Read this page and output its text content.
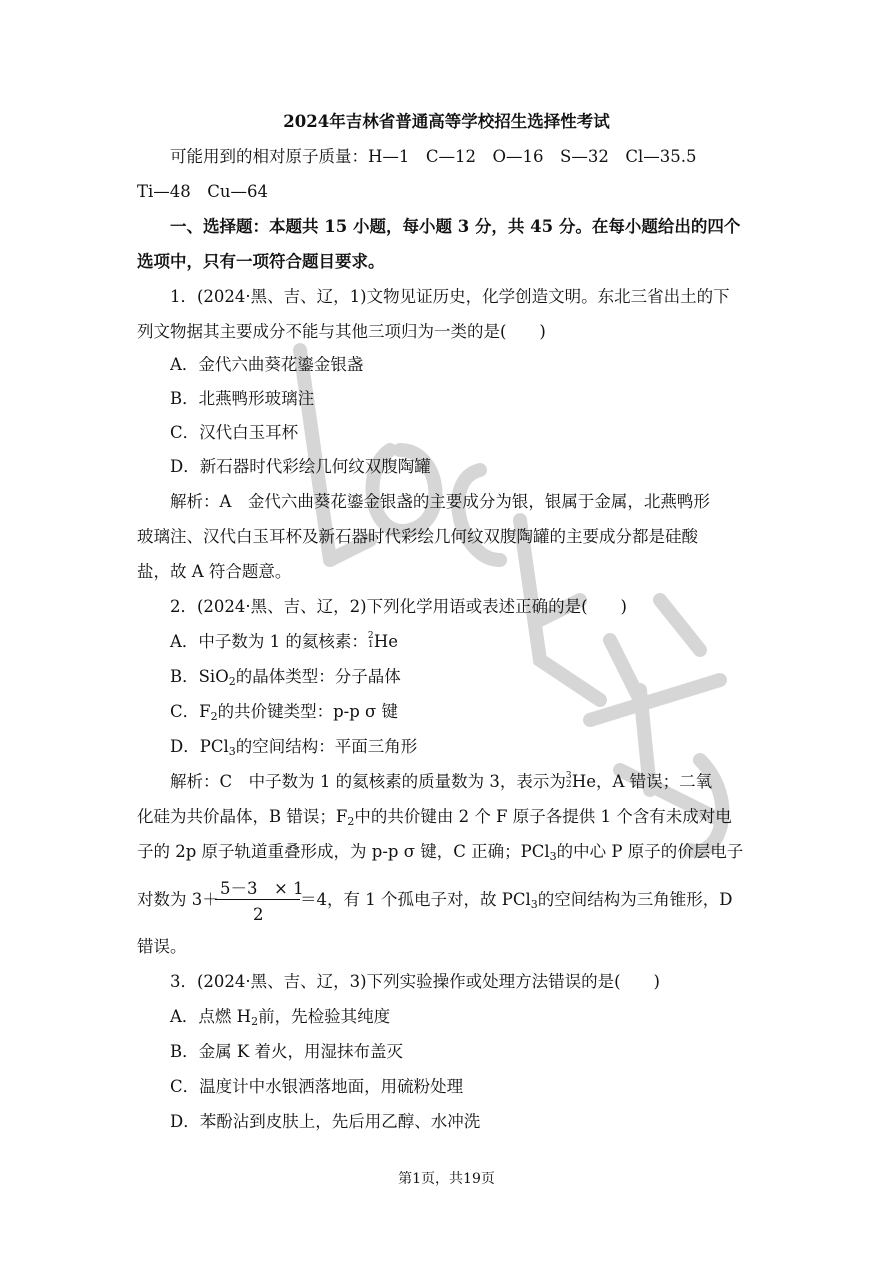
2024年吉林省普通高等学校招生选择性考试
可能用到的相对原子质量：H—1　C—12　O—16　S—32　Cl—35.5
Ti—48　Cu—64
一、选择题：本题共 15 小题，每小题 3 分，共 45 分。在每小题给出的四个
选项中，只有一项符合题目要求。
1．(2024·黑、吉、辽，1)文物见证历史，化学创造文明。东北三省出土的下
列文物据其主要成分不能与其他三项归为一类的是(　　)
A．金代六曲葵花鎏金银盏
B．北燕鸭形玻璃注
C．汉代白玉耳杯
D．新石器时代彩绘几何纹双腹陶罐
解析：A　金代六曲葵花鎏金银盏的主要成分为银，银属于金属，北燕鸭形
玻璃注、汉代白玉耳杯及新石器时代彩绘几何纹双腹陶罐的主要成分都是硅酸
盐，故 A 符合题意。
2．(2024·黑、吉、辽，2)下列化学用语或表述正确的是(　　)
A．中子数为 1 的氦核素： 2
1 He
B．SiO$_2$的晶体类型：分子晶体
C．$F_2$的共价键类型：p-p σ 键
D．PCl$_3$的空间结构：平面三角形
解析：C　中子数为 1 的氦核素的质量数为 3，表示为 3
2 He，A 错误；二氧
化硅为共价晶体，B 错误；$F_2$中的共价键由 2 个 F 原子各提供 1 个含有未成对电
子的 2p 原子轨道重叠形成，为 p-p σ 键，C 正确；PCl$_3$的中心 P 原子的价层电子
对数为 3＋
5－3　× 1
2
＝4，有 1 个孤电子对，故 PCl$_3$的空间结构为三角锥形，D
错误。
3．(2024·黑、吉、辽，3)下列实验操作或处理方法错误的是(　　)
A．点燃 $H_2$前，先检验其纯度
B．金属 K 着火，用湿抹布盖灭
C．温度计中水银洒落地面，用硫粉处理
D．苯酚沾到皮肤上，先后用乙醇、水冲洗
第1页，共19页
